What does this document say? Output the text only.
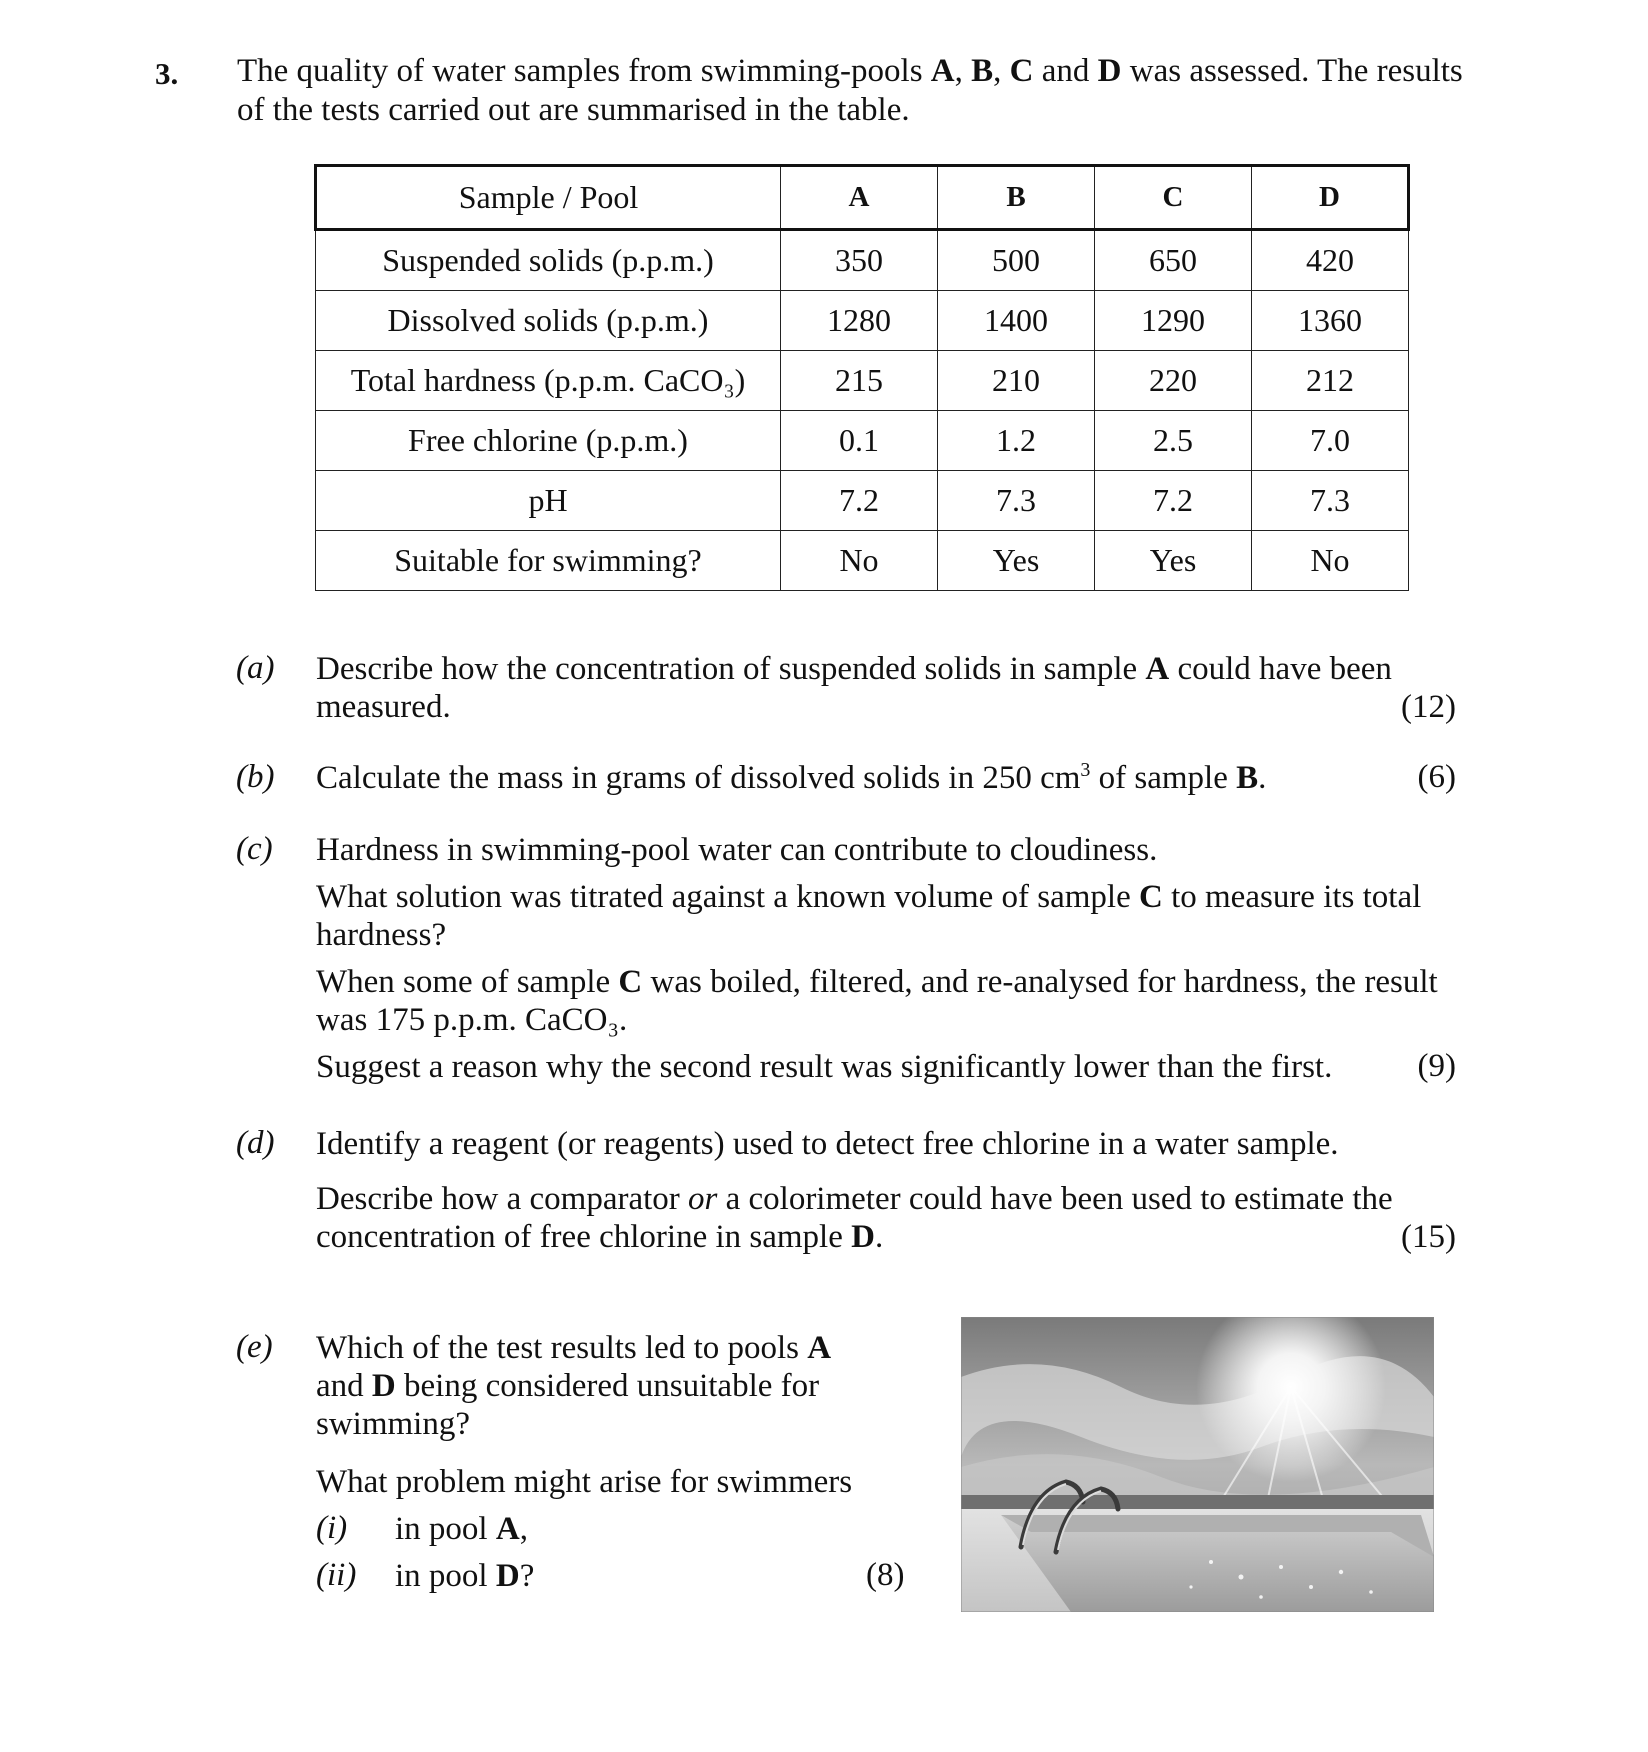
3. The quality of water samples from swimming-pools A, B, C and D was assessed. The results of the tests carried out are summarised in the table.
Sample / Pool	A	B	C	D
Suspended solids (p.p.m.)	350	500	650	420
Dissolved solids (p.p.m.)	1280	1400	1290	1360
Total hardness (p.p.m. CaCO₃)	215	210	220	212
Free chlorine (p.p.m.)	0.1	1.2	2.5	7.0
pH	7.2	7.3	7.2	7.3
Suitable for swimming?	No	Yes	Yes	No
(a) Describe how the concentration of suspended solids in sample A could have been measured.	(12)
(b) Calculate the mass in grams of dissolved solids in 250 $cm^3$ of sample B.	(6)
(c) Hardness in swimming-pool water can contribute to cloudiness.
What solution was titrated against a known volume of sample C to measure its total hardness?
When some of sample C was boiled, filtered, and re-analysed for hardness, the result was 175 p.p.m. CaCO₃.
Suggest a reason why the second result was significantly lower than the first.	(9)
(d) Identify a reagent (or reagents) used to detect free chlorine in a water sample.
Describe how a comparator or a colorimeter could have been used to estimate the concentration of free chlorine in sample D.	(15)
(e) Which of the test results led to pools A and D being considered unsuitable for swimming?
What problem might arise for swimmers
(i) in pool A,
(ii) in pool D?	(8)
